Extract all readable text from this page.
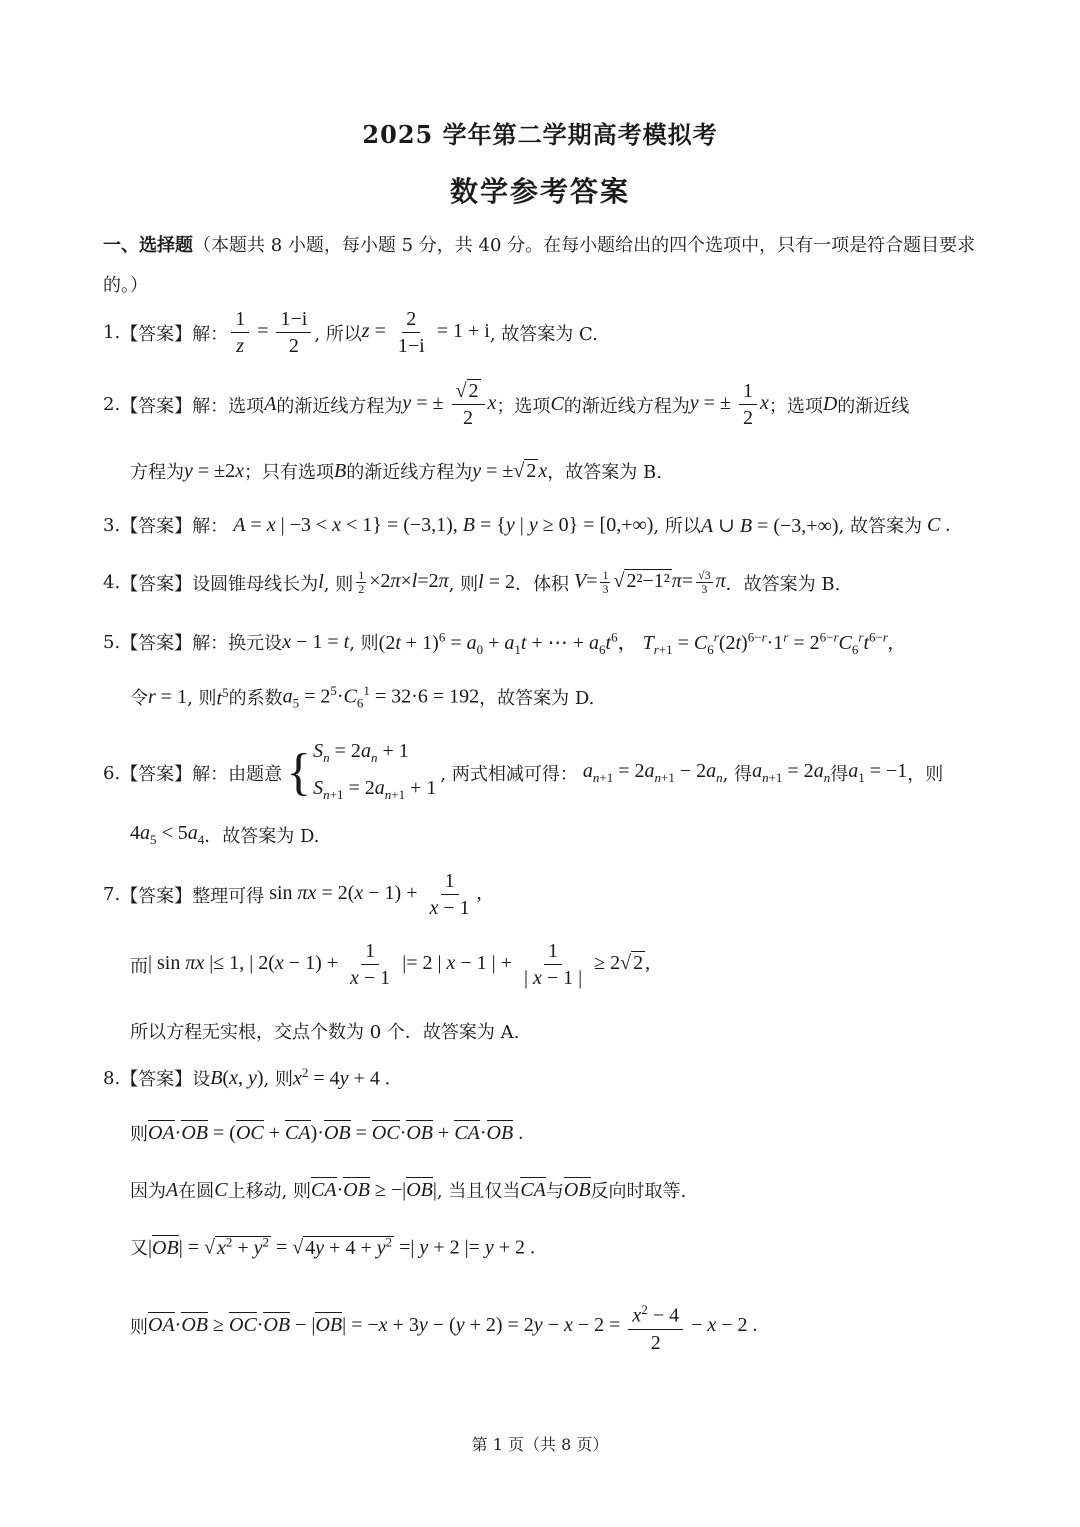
2025 学年第二学期高考模拟考
数学参考答案
一、选择题（本题共 8 小题，每小题 5 分，共 40 分。在每小题给出的四个选项中，只有一项是符合题目要求的。）
1. 【答案】 解： $\frac{1}{z} = \frac{1-i}{2}$ , 所以 $z = \frac{2}{1-i} = 1 + i$ , 故答案为 C.
2. 【答案】 解：选项 A 的渐近线方程为 y = ± $\frac{√ 2}{2}$ x ；选项 C 的渐近线方程为 y = ± $\frac{1}{2}$ x ；选项 D 的渐近线
方程为 y = ±2x ；只有选项 B 的渐近线方程为 y = ±√ 2 x ，故答案为 B.
3. 【答案】 解： A = x | −3 < x < 1} = (−3,1), B = {y | y ≥ 0} = [0,+∞) , 所以 A ∪ B = (−3,+∞) , 故答案为 C .
4. 【答案】 设圆锥母线长为 l , 则 $\frac{1}{2} \times 2\pi\times l=2\pi$ , 则 l = 2 ．体积 $V= \frac{1}{3}$ √ 2²−1² $\pi= \frac{√3}{3}$ π ．故答案为 B.
5. 【答案】 解：换元设 x − 1 = t , 则 $(2t + 1)^6 = a_0 + a_1t$ + ⋯ + $a_6t^6$， $T_{r+1} = C_6^r(2t)^{6-r}\cdot 1^r = 2^{6-r}C_6^rt^{6-r}$,
令 r = 1 , 则 $t^5$ 的系数 $a_5 = 2^5\cdot C_6^1 = 32\cdot 6 = 192$ ，故答案为 D.
6. 【答案】 解：由题意 { $S_n = 2a_n + 1$
$S_{n+1} = 2a_{n+1} + 1$
, 两式相减可得： $a_{n+1} = 2a_{n+1} - 2a_n$ , 得 $a_{n+1} = 2a_n$ 得 $a_1 = -1$ ，则
$4a_5 < 5a_4$ ．故答案为 D.
7. 【答案】 整理可得 $\sin \pi x = 2(x - 1) + \frac{1}{x - 1}$ ,
而 | sin πx |≤ 1, | $2(x - 1) + \frac{1}{x - 1}$ |= 2 | x − 1 | + $\frac{1}{| x - 1 |} \ge 2√$ 2 ,
所以方程无实根，交点个数为 0 个．故答案为 A.
8. 【答案】 设 B(x, y) , 则 $x^2 = 4y + 4$ .
则 OA·OB = (OC + CA)·OB = OC·OB + CA·OB .
因为 A 在圆 C 上移动, 则 CA·OB ≥ −|OB| , 当且仅当 CA 与 OB 反向时取等.
又 |OB| = √ $x^2 + y^2$ = √ $4y + 4 + y^2$ =| y + 2 |= y + 2 .
则 $OA\cdot OB \ge OC\cdot OB - |OB| = -x + 3y - (y + 2) = 2y - x - 2 = \frac{x^2 - 4}{2} - x - 2$ .
第 1 页（共 8 页）
